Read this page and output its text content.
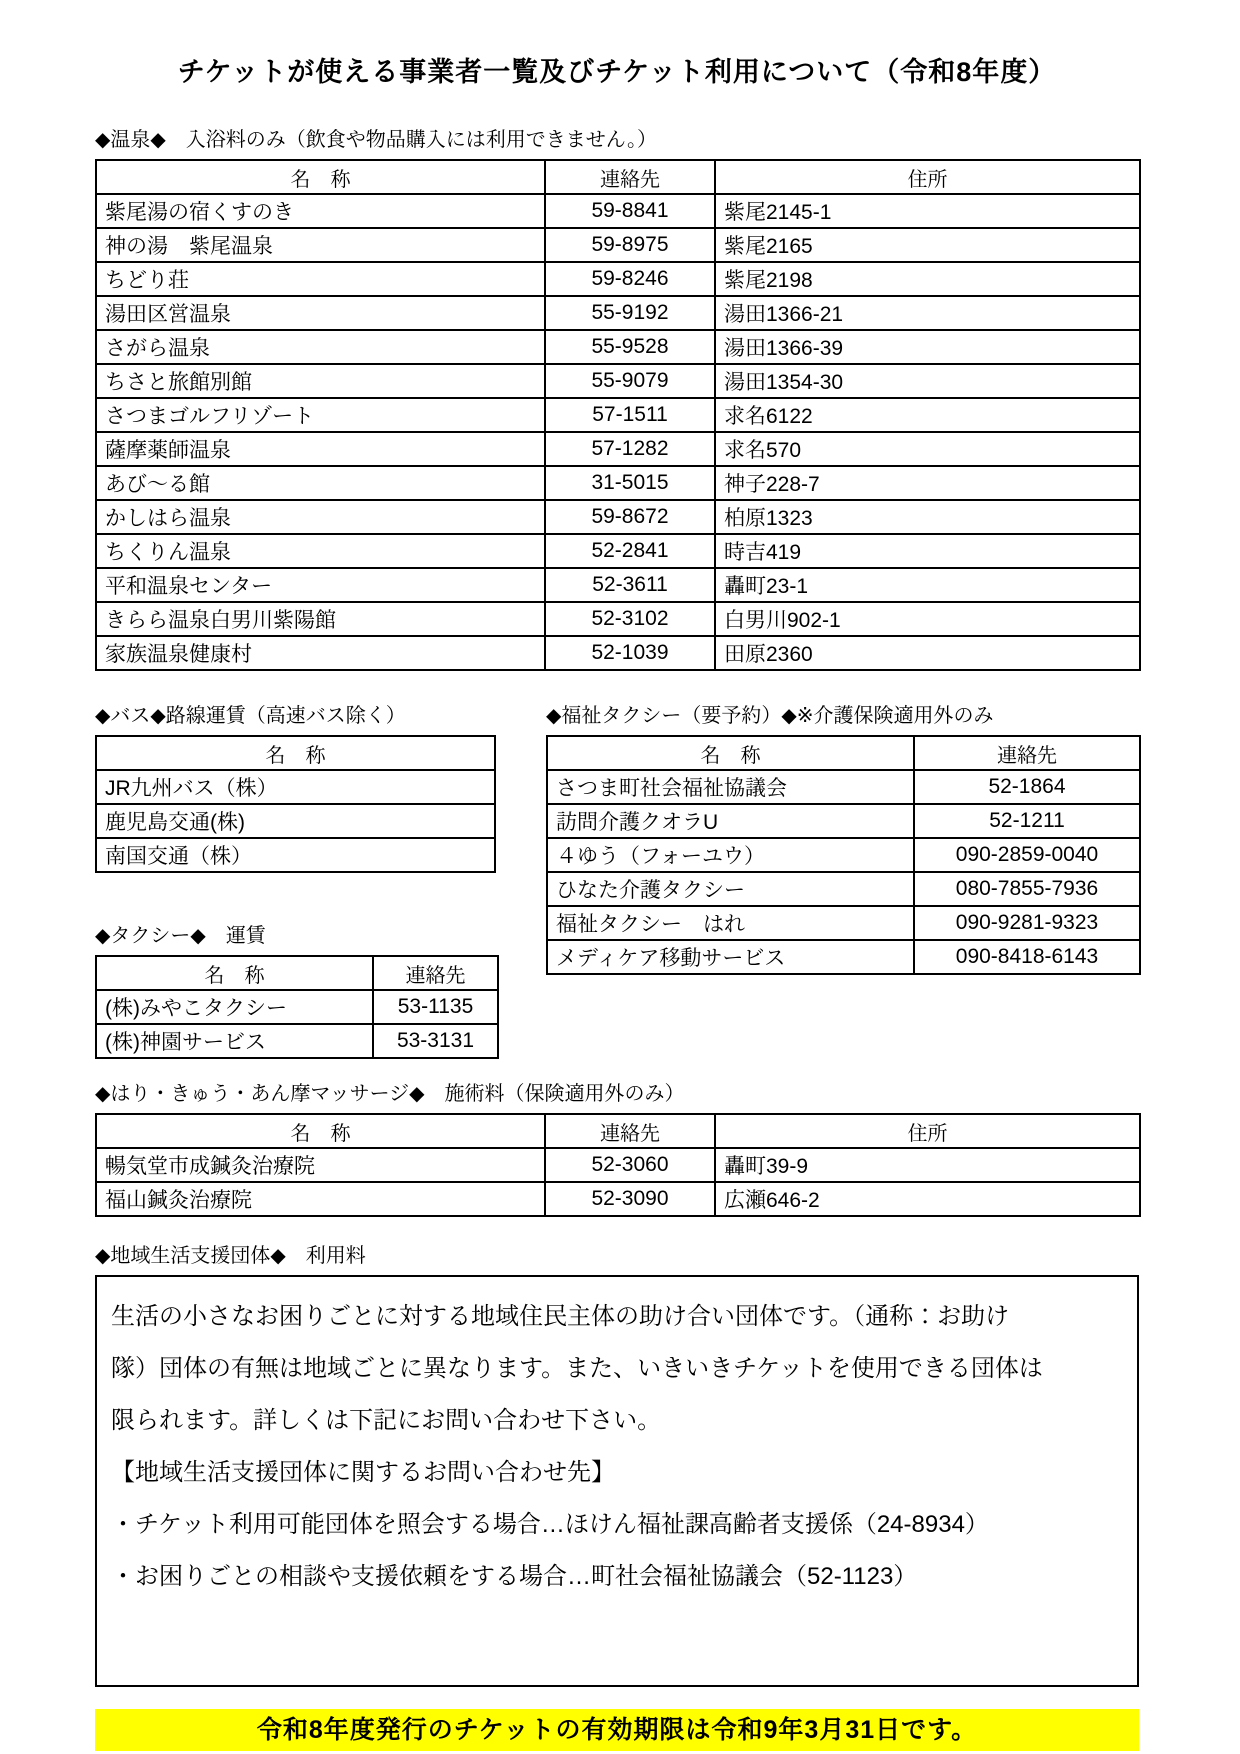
チケットが使える事業者一覧及びチケット利用について（令和8年度）
◆温泉◆　入浴料のみ（飲食や物品購入には利用できません。）
名　称	連絡先	住所
紫尾湯の宿くすのき	59-8841	紫尾2145-1
神の湯　紫尾温泉	59-8975	紫尾2165
ちどり荘	59-8246	紫尾2198
湯田区営温泉	55-9192	湯田1366-21
さがら温泉	55-9528	湯田1366-39
ちさと旅館別館	55-9079	湯田1354-30
さつまゴルフリゾート	57-1511	求名6122
薩摩薬師温泉	57-1282	求名570
あび～る館	31-5015	神子228-7
かしはら温泉	59-8672	柏原1323
ちくりん温泉	52-2841	時吉419
平和温泉センター	52-3611	轟町23-1
きらら温泉白男川紫陽館	52-3102	白男川902-1
家族温泉健康村	52-1039	田原2360
◆バス◆路線運賃（高速バス除く）
名　称
JR九州バス（株）
鹿児島交通(株)
南国交通（株）
◆タクシー◆　運賃
名　称	連絡先
(株)みやこタクシー	53-1135
(株)神園サービス	53-3131
◆福祉タクシー（要予約）◆※介護保険適用外のみ
名　称	連絡先
さつま町社会福祉協議会	52-1864
訪問介護クオラU	52-1211
４ゆう（フォーユウ）	090-2859-0040
ひなた介護タクシー	080-7855-7936
福祉タクシー　はれ	090-9281-9323
メディケア移動サービス	090-8418-6143
◆はり・きゅう・あん摩マッサージ◆　施術料（保険適用外のみ）
名　称	連絡先	住所
暢気堂市成鍼灸治療院	52-3060	轟町39-9
福山鍼灸治療院	52-3090	広瀬646-2
◆地域生活支援団体◆　利用料
生活の小さなお困りごとに対する地域住民主体の助け合い団体です。（通称：お助け
隊）団体の有無は地域ごとに異なります。また、いきいきチケットを使用できる団体は
限られます。詳しくは下記にお問い合わせ下さい。
【地域生活支援団体に関するお問い合わせ先】
・チケット利用可能団体を照会する場合…ほけん福祉課高齢者支援係（24-8934）
・お困りごとの相談や支援依頼をする場合…町社会福祉協議会（52-1123）
令和8年度発行のチケットの有効期限は令和9年3月31日です。
